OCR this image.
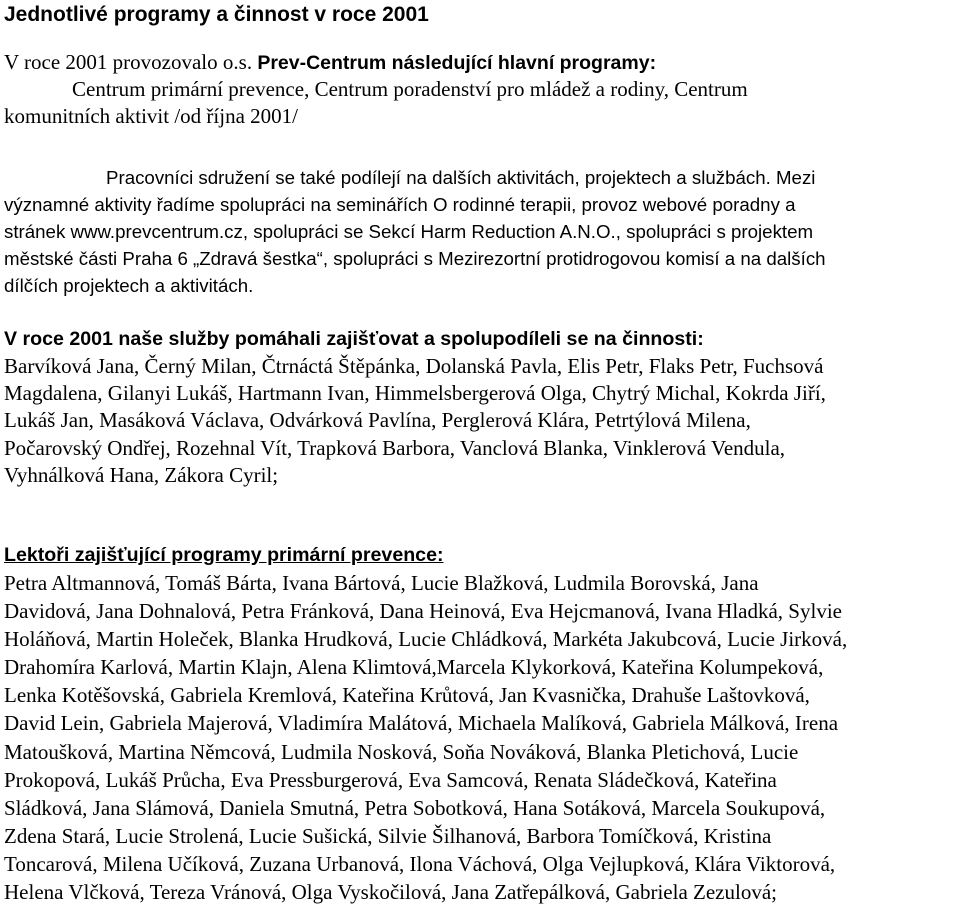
Jednotlivé programy a činnost v roce 2001
V roce 2001 provozovalo o.s. Prev-Centrum následující hlavní programy:
Centrum primární prevence, Centrum poradenství pro mládež a rodiny, Centrum
komunitních aktivit /od října 2001/
Pracovníci sdružení se také podílejí na dalších aktivitách, projektech a službách. Mezi
významné aktivity řadíme spolupráci na seminářích O rodinné terapii, provoz webové poradny a
stránek www.prevcentrum.cz, spolupráci se Sekcí Harm Reduction A.N.O., spolupráci s projektem
městské části Praha 6 „Zdravá šestka“, spolupráci s Mezirezortní protidrogovou komisí a na dalších
dílčích projektech a aktivitách.
V roce 2001 naše služby pomáhali zajišťovat a spolupodíleli se na činnosti:
Barvíková Jana, Černý Milan, Čtrnáctá Štěpánka, Dolanská Pavla, Elis Petr, Flaks Petr, Fuchsová
Magdalena, Gilanyi Lukáš, Hartmann Ivan, Himmelsbergerová Olga, Chytrý Michal, Kokrda Jiří,
Lukáš Jan, Masáková Václava, Odvárková Pavlína, Perglerová Klára, Petrtýlová Milena,
Počarovský Ondřej, Rozehnal Vít, Trapková Barbora, Vanclová Blanka, Vinklerová Vendula,
Vyhnálková Hana, Zákora Cyril;
Lektoři zajišťující programy primární prevence:
Petra Altmannová, Tomáš Bárta, Ivana Bártová, Lucie Blažková, Ludmila Borovská, Jana
Davidová, Jana Dohnalová, Petra Fránková, Dana Heinová, Eva Hejcmanová, Ivana Hladká, Sylvie
Holáňová, Martin Holeček, Blanka Hrudková, Lucie Chládková, Markéta Jakubcová, Lucie Jirková,
Drahomíra Karlová, Martin Klajn, Alena Klimtová,Marcela Klykorková, Kateřina Kolumpeková,
Lenka Kotěšovská, Gabriela Kremlová, Kateřina Krůtová, Jan Kvasnička, Drahuše Laštovková,
David Lein, Gabriela Majerová, Vladimíra Malátová, Michaela Malíková, Gabriela Málková, Irena
Matoušková, Martina Němcová, Ludmila Nosková, Soňa Nováková, Blanka Pletichová, Lucie
Prokopová, Lukáš Průcha, Eva Pressburgerová, Eva Samcová, Renata Sládečková, Kateřina
Sládková, Jana Slámová, Daniela Smutná, Petra Sobotková, Hana Sotáková, Marcela Soukupová,
Zdena Stará, Lucie Strolená, Lucie Sušická, Silvie Šilhanová, Barbora Tomíčková, Kristina
Toncarová, Milena Učíková, Zuzana Urbanová, Ilona Váchová, Olga Vejlupková, Klára Viktorová,
Helena Vlčková, Tereza Vránová, Olga Vyskočilová, Jana Zatřepálková, Gabriela Zezulová;
